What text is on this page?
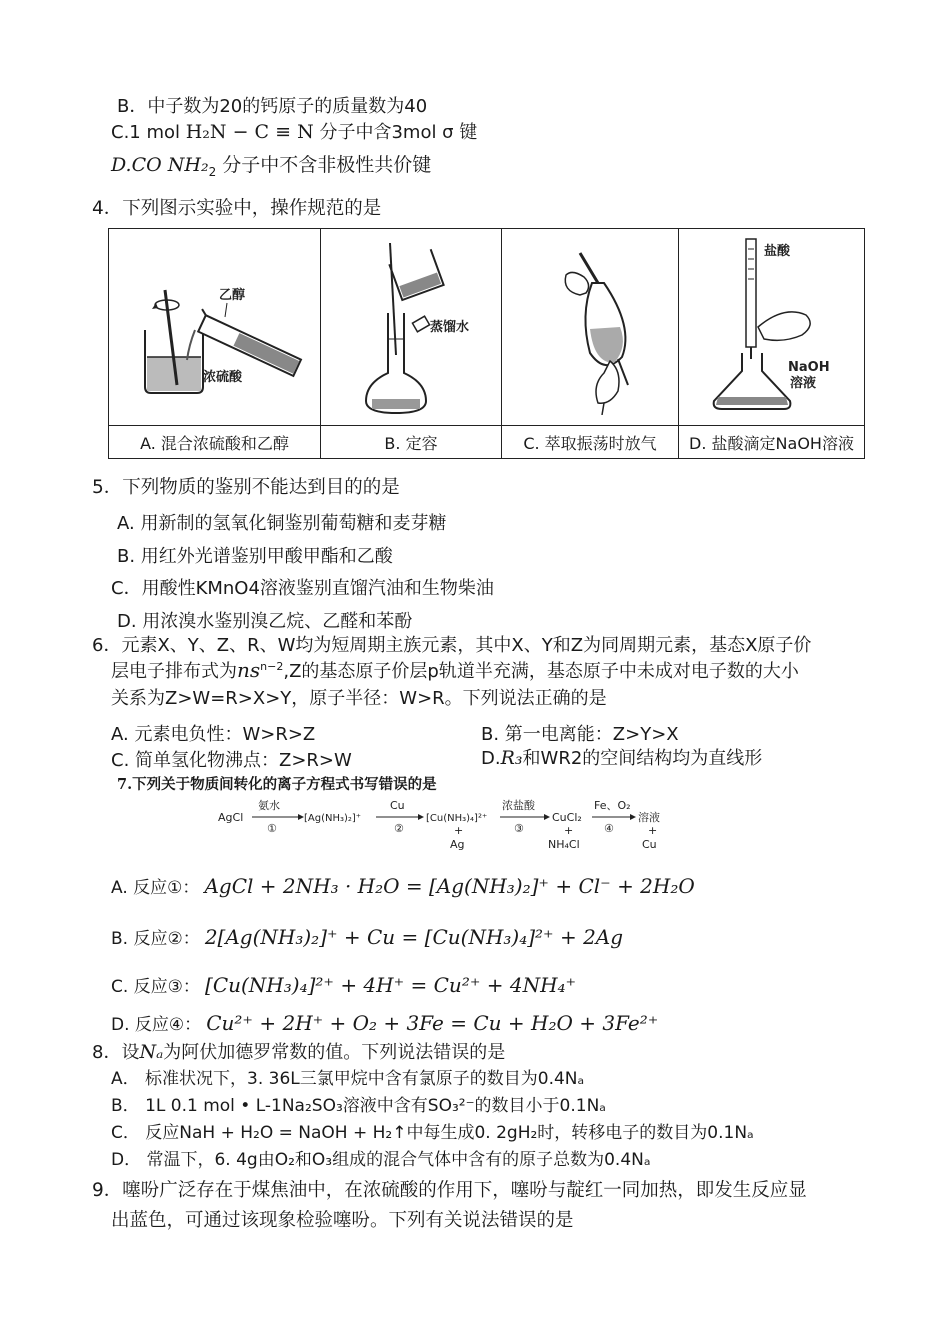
B．中子数为20的钙原子的质量数为40
C.1 mol H₂N − C ≡ N 分子中含3mol σ 键
D.CO $NH_2_2$ 分子中不含非极性共价键
4．下列图示实验中，操作规范的是
乙醇
浓硫酸	蒸馏水		盐酸
NaOH
溶液

A. 混合浓硫酸和乙醇	B. 定容	C. 萃取振荡时放气	D. 盐酸滴定NaOH溶液
5．下列物质的鉴别不能达到目的的是
A. 用新制的氢氧化铜鉴别葡萄糖和麦芽糖
B. 用红外光谱鉴别甲酸甲酯和乙酸
C．用酸性KMnO4溶液鉴别直馏汽油和生物柴油
D. 用浓溴水鉴别溴乙烷、乙醛和苯酚
6．元素X、Y、Z、R、W均为短周期主族元素，其中X、Y和Z为同周期元素，基态X原子价
层电子排布式为$ns^{n-2},Z$的基态原子价层p轨道半充满，基态原子中未成对电子数的大小
关系为Z>W=R>X>Y，原子半径：W>R。下列说法正确的是
A. 元素电负性：W>R>Z	B. 第一电离能：Z>Y>X
C. 简单氢化物沸点：Z>R>W	D.R₃和WR2的空间结构均为直线形
7.下列关于物质间转化的离子方程式书写错误的是
AgCl
氨水
①
[Ag(NH₃)₂]⁺
Cu
②
[Cu(NH₃)₄]²⁺
+
Ag
浓盐酸
③
CuCl₂
+
NH₄Cl
Fe、O₂
④
溶液
+
Cu
A. 反应①： AgCl + 2NH₃ · H₂O = [Ag(NH₃)₂]⁺ + Cl⁻ + 2H₂O
B. 反应②： 2[Ag(NH₃)₂]⁺ + Cu = [Cu(NH₃)₄]²⁺ + 2Ag
C. 反应③： [Cu(NH₃)₄]²⁺ + 4H⁺ = Cu²⁺ + 4NH₄⁺
D. 反应④： Cu²⁺ + 2H⁺ + O₂ + 3Fe = Cu + H₂O + 3Fe²⁺
8．设Nₐ为阿伏加德罗常数的值。下列说法错误的是
A． 标准状况下，3. 36L三氯甲烷中含有氯原子的数目为0.4Nₐ
B． 1L 0.1 mol • L-1Na₂SO₃溶液中含有SO₃²⁻的数目小于0.1Nₐ
C． 反应NaH + H₂O = NaOH + H₂↑中每生成0. 2gH₂时，转移电子的数目为0.1Nₐ
D． 常温下，6. 4g由O₂和O₃组成的混合气体中含有的原子总数为0.4Nₐ
9．噻吩广泛存在于煤焦油中，在浓硫酸的作用下，噻吩与靛红一同加热，即发生反应显
出蓝色，可通过该现象检验噻吩。下列有关说法错误的是
